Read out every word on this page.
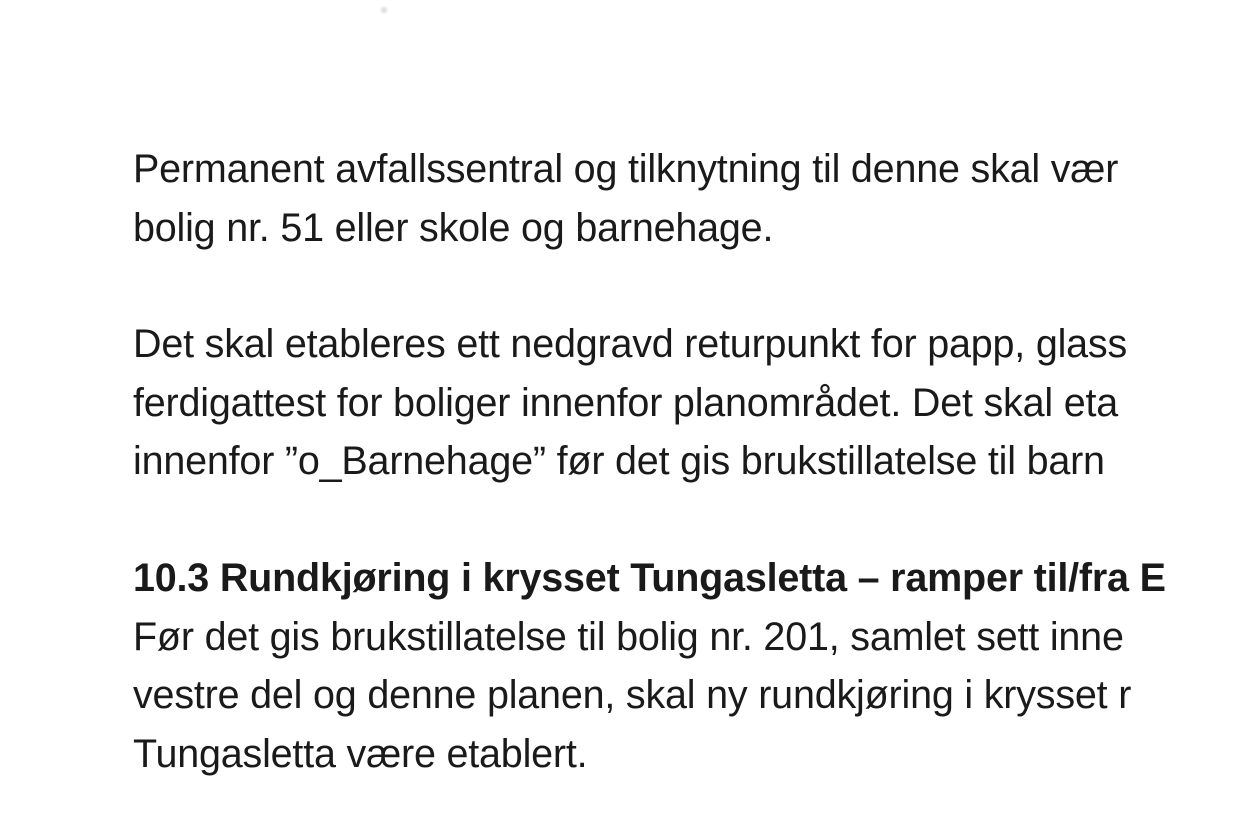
Permanent avfallssentral og tilknytning til denne skal vær
bolig nr. 51 eller skole og barnehage.
Det skal etableres ett nedgravd returpunkt for papp, glass
ferdigattest for boliger innenfor planområdet. Det skal eta
innenfor ”o_Barnehage” før det gis brukstillatelse til barn
10.3 Rundkjøring i krysset Tungasletta – ramper til/fra E
Før det gis brukstillatelse til bolig nr. 201, samlet sett inne
vestre del og denne planen, skal ny rundkjøring i krysset r
Tungasletta være etablert.
